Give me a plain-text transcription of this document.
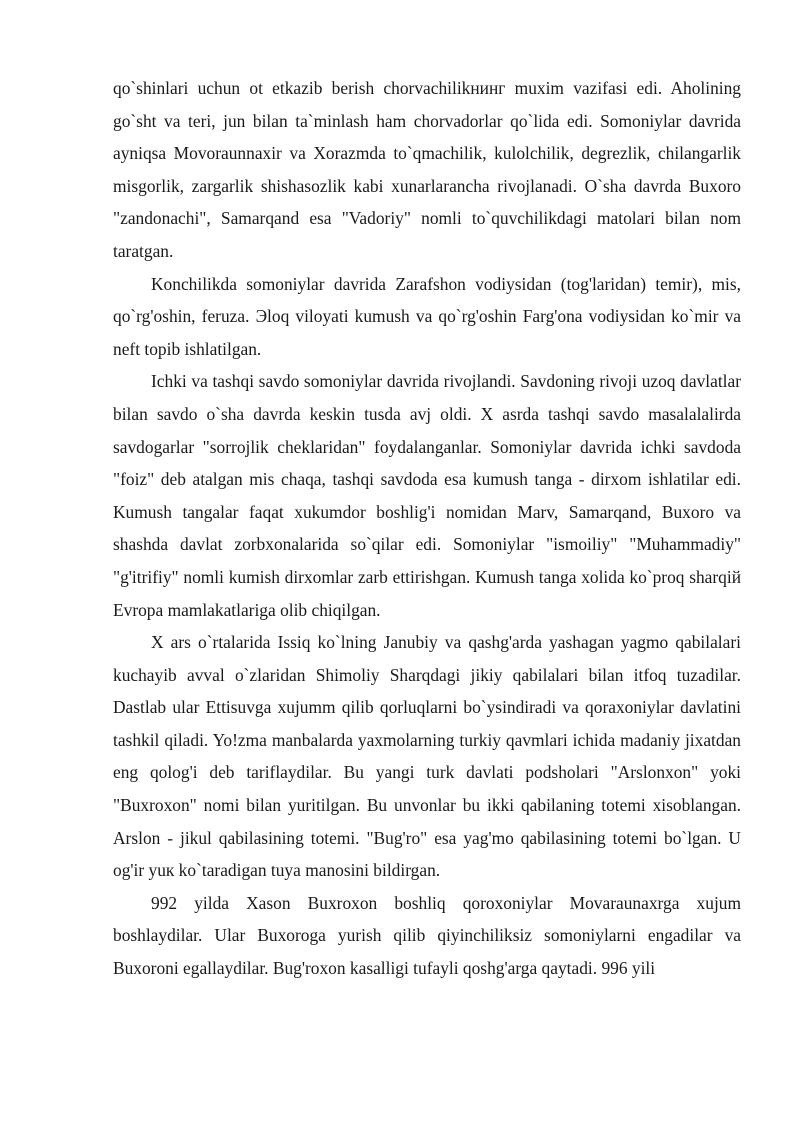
qo`shinlari uchun ot etkazib berish chorvachilikнинг muxim vazifasi edi. Aholining go`sht va teri, jun bilan ta`minlash ham chorvadorlar qo`lida edi. Somoniylar davrida ayniqsa Movoraunnaxir va Xorazmda to`qmachilik, kulolchilik, degrezlik, chilangarlik misgorlik, zargarlik shishasozlik kabi xunarlarancha rivojlanadi. O`sha davrda Buxoro "zandonachi", Samarqand esa "Vadoriy" nomli to`quvchilikdagi matolari bilan nom taratgan.

Konchilikda somoniylar davrida Zarafshon vodiysidan (tog'laridan) temir), mis, qo`rg'oshin, feruza. Эloq viloyati kumush va qo`rg'oshin Farg'ona vodiysidan ko`mir va neft topib ishlatilgan.

Ichki va tashqi savdo somoniylar davrida rivojlandi. Savdoning rivoji uzoq davlatlar bilan savdo o`sha davrda keskin tusda avj oldi. X asrda tashqi savdo masalalalirda savdogarlar "sorrojlik cheklaridan" foydalanganlar. Somoniylar davrida ichki savdoda "foiz" deb atalgan mis chaqa, tashqi savdoda esa kumush tanga - dirxom ishlatilar edi. Kumush tangalar faqat xukumdor boshlig'i nomidan Marv, Samarqand, Buxoro va shashda davlat zorbxonalarida so`qilar edi. Somoniylar "ismoiliy" "Muhammadiy" "g'itrifiy" nomli kumish dirxomlar zarb ettirishgan. Kumush tanga xolida ko`proq sharqiй Evropa mamlakatlariga olib chiqilgan.

X ars o`rtalarida Issiq ko`lning Janubiy va qashg'arda yashagan yagmo qabilalari kuchayib avval o`zlaridan Shimoliy Sharqdagi jikiy qabilalari bilan itfoq tuzadilar. Dastlab ular Ettisuvga xujumm qilib qorluqlarni bo`ysindiradi va qoraxoniylar davlatini tashkil qiladi. Yo!zma manbalarda yaxmolarning turkiy qavmlari ichida madaniy jixatdan eng qolog'i deb tariflaydilar. Bu yangi turk davlati podsholari "Arslonxon" yoki "Buxroxon" nomi bilan yuritilgan. Bu unvonlar bu ikki qabilaning totemi xisoblangan. Arslon - jikul qabilasining totemi. "Bug'ro" esa yag'mo qabilasining totemi bo`lgan. U og'ir yuк ko`taradigan tuya manosini bildirgan.

992 yilda Xason Buxroxon boshliq qoroxoniylar Movaraunaxrga xujum boshlaydilar. Ular Buxoroga yurish qilib qiyinchiliksiz somoniylarni engadilar va Buxoroni egallaydilar. Bug'roxon kasalligi tufayli qoshg'arga qaytadi. 996 yili
